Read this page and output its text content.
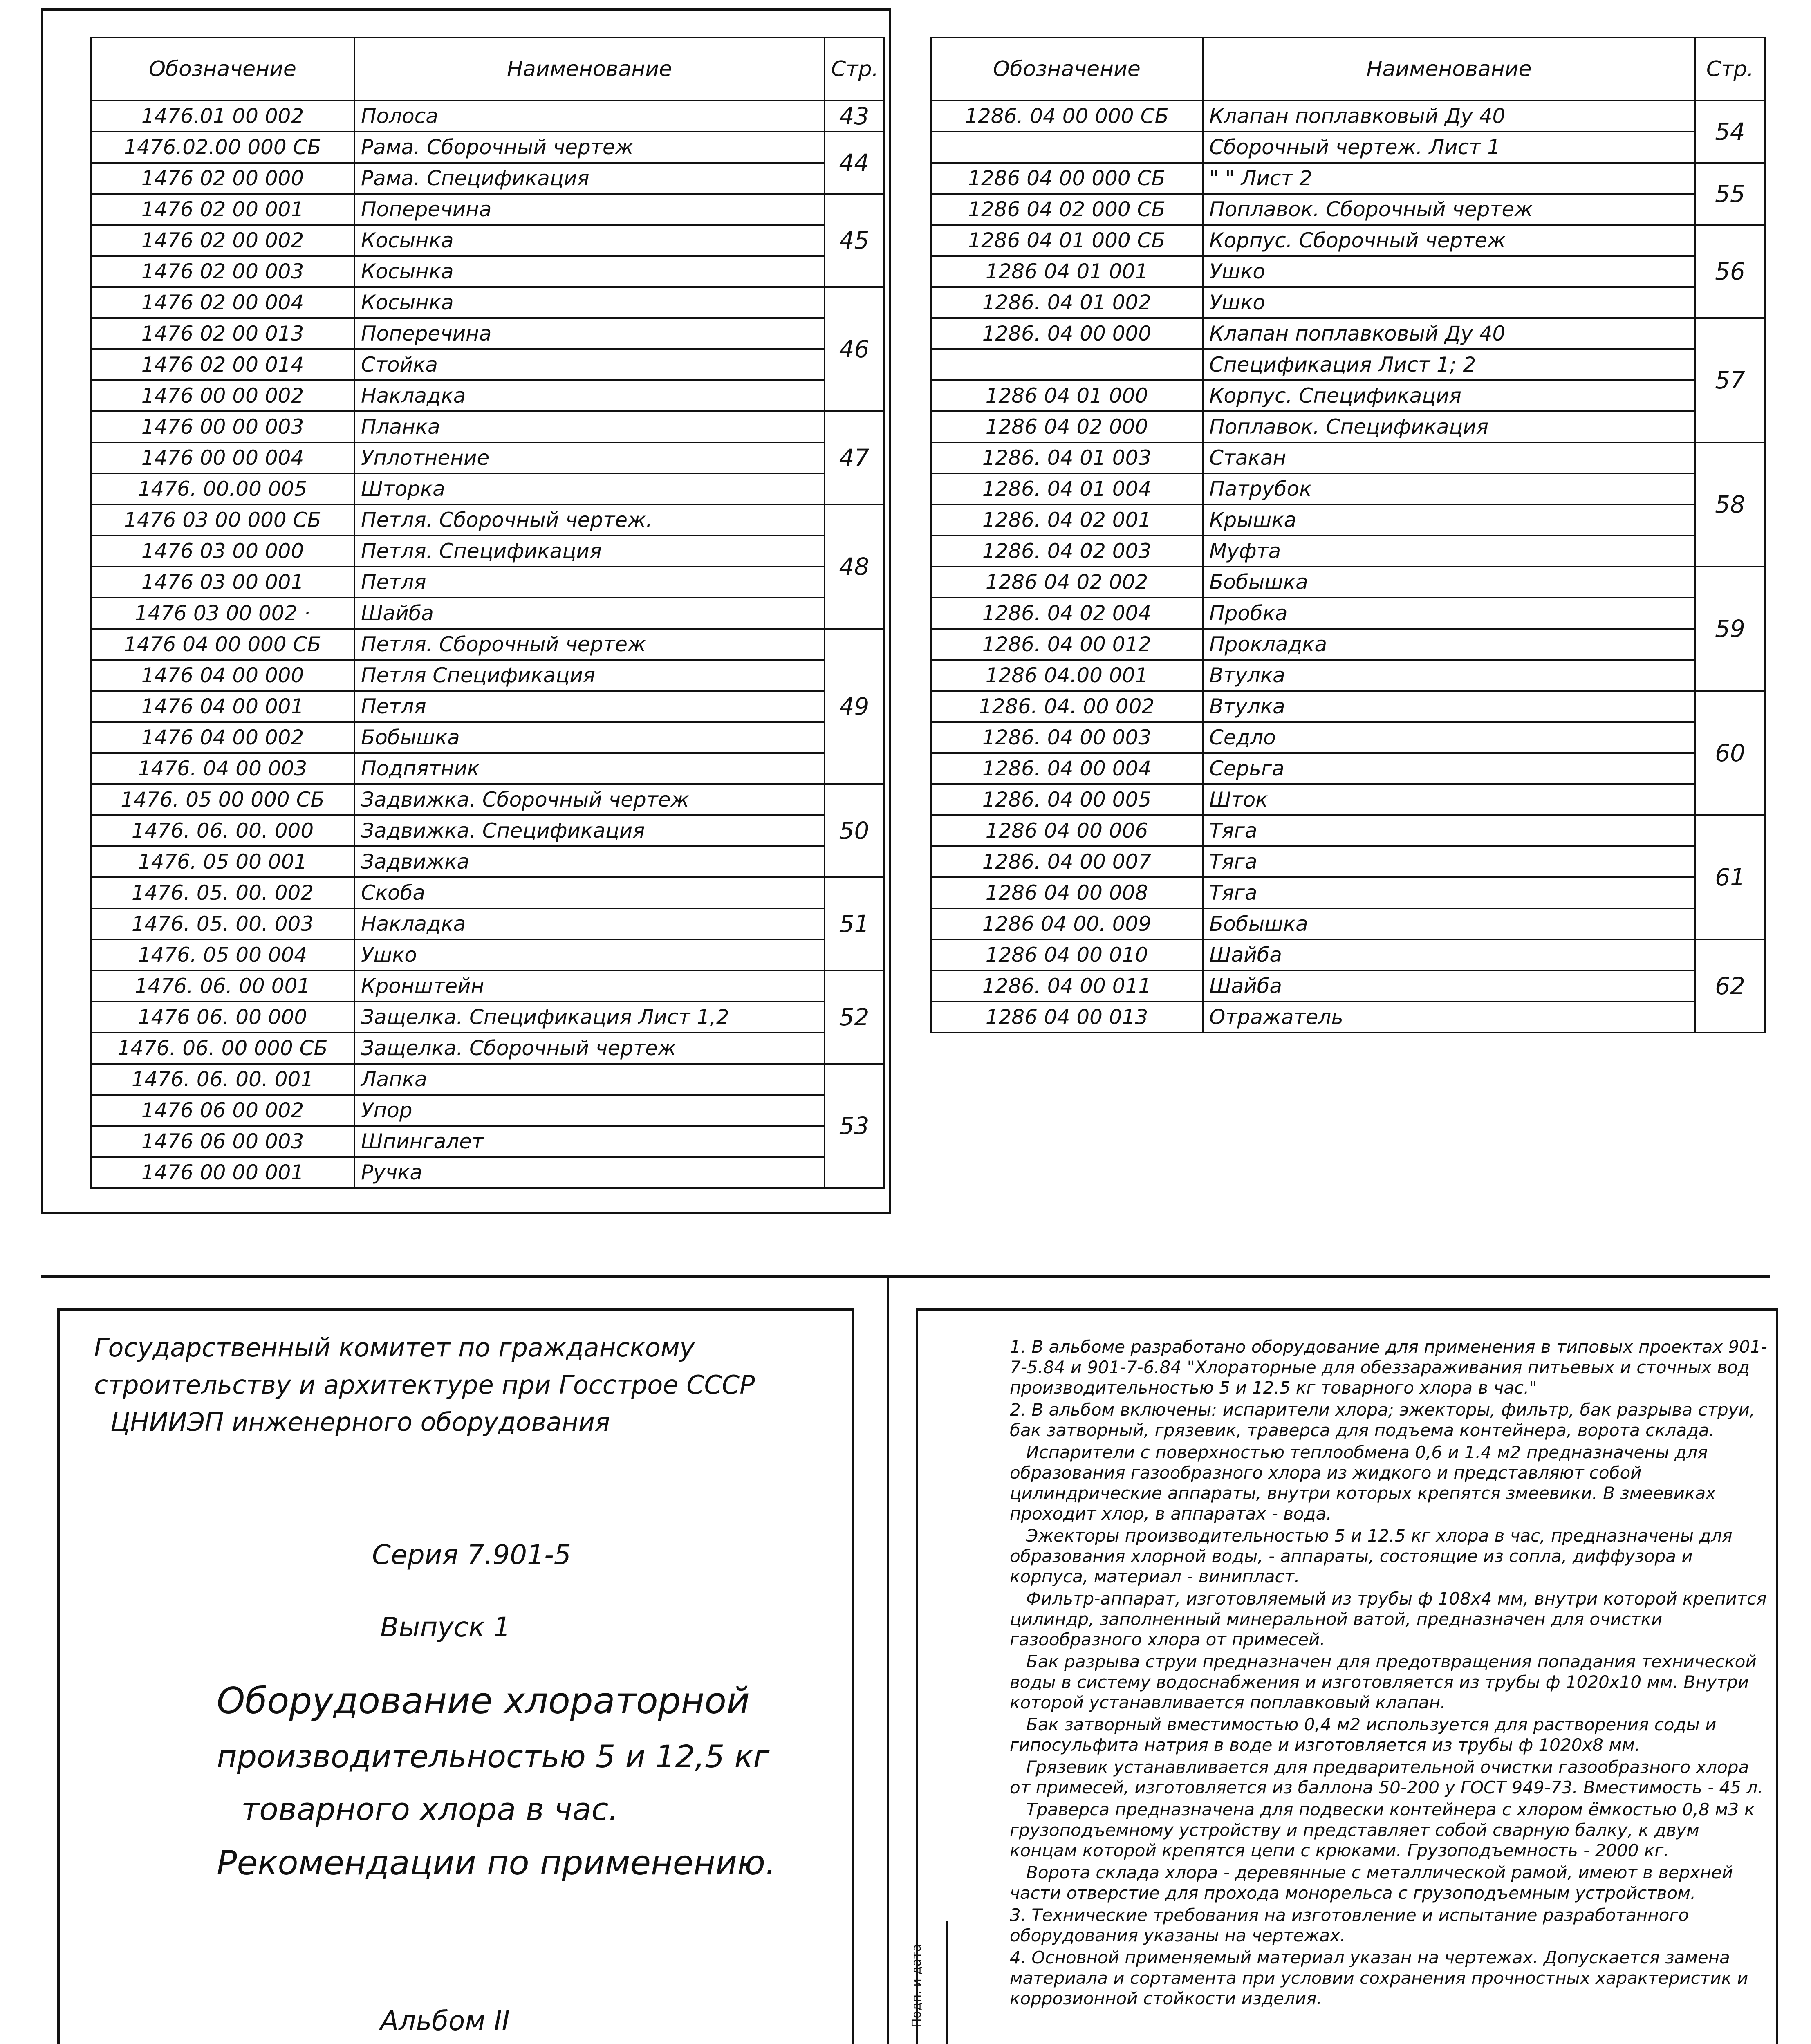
Обозначение	Наименование	Стр.
1476.01 00 002	Полоса	43
1476.02.00 000 СБ	Рама. Сборочный чертеж	44
1476 02 00 000	Рама. Спецификация	
1476 02 00 001	Поперечина	45
1476 02 00 002	Косынка	
1476 02 00 003	Косынка	
1476 02 00 004	Косынка	46
1476 02 00 013	Поперечина	
1476 02 00 014	Стойка	
1476 00 00 002	Накладка	
1476 00 00 003	Планка	47
1476 00 00 004	Уплотнение	
1476. 00.00 005	Шторка	
1476 03 00 000 СБ	Петля. Сборочный чертеж.	48
1476 03 00 000	Петля. Спецификация	
1476 03 00 001	Петля	
1476 03 00 002 ·	Шайба	
1476 04 00 000 СБ	Петля. Сборочный чертеж	49
1476 04 00 000	Петля Спецификация	
1476 04 00 001	Петля	
1476 04 00 002	Бобышка	
1476. 04 00 003	Подпятник	
1476. 05 00 000 СБ	Задвижка. Сборочный чертеж	50
1476. 06. 00. 000	Задвижка. Спецификация	
1476. 05 00 001	Задвижка	
1476. 05. 00. 002	Скоба	51
1476. 05. 00. 003	Накладка	
1476. 05 00 004	Ушко	
1476. 06. 00 001	Кронштейн	52
1476 06. 00 000	Защелка. Спецификация Лист 1,2	
1476. 06. 00 000 СБ	Защелка. Сборочный чертеж	
1476. 06. 00. 001	Лапка	53
1476 06 00 002	Упор	
1476 06 00 003	Шпингалет	
1476 00 00 001	Ручка	
Обозначение	Наименование	Стр.
1286. 04 00 000 СБ	Клапан поплавковый Ду 40	54
	Сборочный чертеж. Лист 1	
1286 04 00 000 СБ	" " Лист 2	55
1286 04 02 000 СБ	Поплавок. Сборочный чертеж	
1286 04 01 000 СБ	Корпус. Сборочный чертеж	56
1286 04 01 001	Ушко	
1286. 04 01 002	Ушко	
1286. 04 00 000	Клапан поплавковый Ду 40	57
	Спецификация Лист 1; 2	
1286 04 01 000	Корпус. Спецификация	
1286 04 02 000	Поплавок. Спецификация	
1286. 04 01 003	Стакан	58
1286. 04 01 004	Патрубок	
1286. 04 02 001	Крышка	
1286. 04 02 003	Муфта	
1286 04 02 002	Бобышка	59
1286. 04 02 004	Пробка	
1286. 04 00 012	Прокладка	
1286 04.00 001	Втулка	
1286. 04. 00 002	Втулка	60
1286. 04 00 003	Седло	
1286. 04 00 004	Серьга	
1286. 04 00 005	Шток	
1286 04 00 006	Тяга	61
1286. 04 00 007	Тяга	
1286 04 00 008	Тяга	
1286 04 00. 009	Бобышка	
1286 04 00 010	Шайба	62
1286. 04 00 011	Шайба	
1286 04 00 013	Отражатель	
Государственный комитет по гражданскому
строительству и архитектуре при Госстрое СССР
ЦНИИЭП инженерного оборудования
Серия 7.901-5
Выпуск 1
Оборудование хлораторной
производительностью 5 и 12,5 кг
товарного хлора в час.
Рекомендации по применению.
Альбом II	Подп. и дата

1. В альбоме разработано оборудование для применения в типовых проектах 901-7-5.84 и 901-7-6.84 "Хлораторные для обеззараживания питьевых и сточных вод производительностью 5 и 12.5 кг товарного хлора в час."

2. В альбом включены: испарители хлора; эжекторы, фильтр, бак разрыва струи, бак затворный, грязевик, траверса для подъема контейнера, ворота склада.

Испарители с поверхностью теплообмена 0,6 и 1.4 м2 предназначены для образования газообразного хлора из жидкого и представляют собой цилиндрические аппараты, внутри которых крепятся змеевики. В змеевиках проходит хлор, в аппаратах - вода.

Эжекторы производительностью 5 и 12.5 кг хлора в час, предназначены для образования хлорной воды, - аппараты, состоящие из сопла, диффузора и корпуса, материал - винипласт.

Фильтр-аппарат, изготовляемый из трубы ф 108х4 мм, внутри которой крепится цилиндр, заполненный минеральной ватой, предназначен для очистки газообразного хлора от примесей.

Бак разрыва струи предназначен для предотвращения попадания технической воды в систему водоснабжения и изготовляется из трубы ф 1020х10 мм. Внутри которой устанавливается поплавковый клапан.

Бак затворный вместимостью 0,4 м2 используется для растворения соды и гипосульфита натрия в воде и изготовляется из трубы ф 1020х8 мм.

Грязевик устанавливается для предварительной очистки газообразного хлора от примесей, изготовляется из баллона 50-200 у ГОСТ 949-73. Вместимость - 45 л.

Траверса предназначена для подвески контейнера с хлором ёмкостью 0,8 м3 к грузоподъемному устройству и представляет собой сварную балку, к двум концам которой крепятся цепи с крюками. Грузоподъемность - 2000 кг.

Ворота склада хлора - деревянные с металлической рамой, имеют в верхней части отверстие для прохода монорельса с грузоподъемным устройством.

3. Технические требования на изготовление и испытание разработанного оборудования указаны на чертежах.

4. Основной применяемый материал указан на чертежах. Допускается замена материала и сортамента при условии сохранения прочностных характеристик и коррозионной стойкости изделия.
